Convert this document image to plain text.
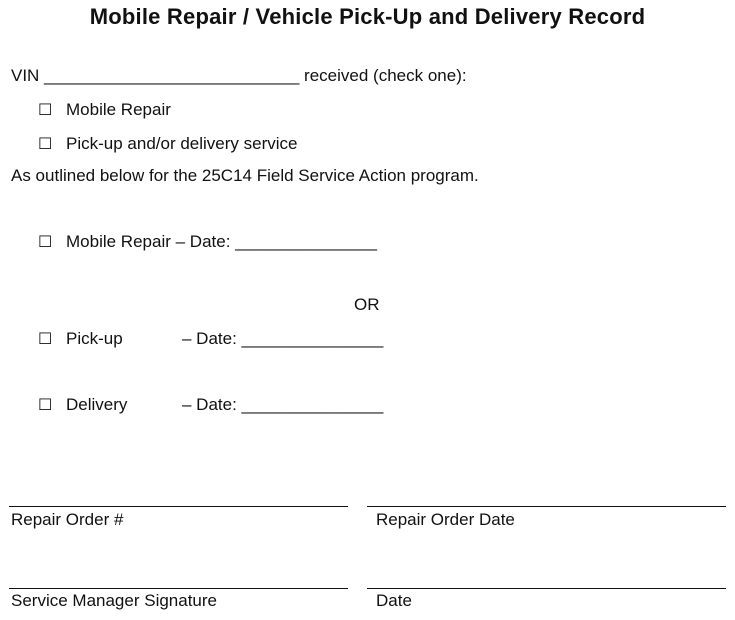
Mobile Repair / Vehicle Pick-Up and Delivery Record
VIN ___________________________ received (check one):
☐ Mobile Repair
☐ Pick-up and/or delivery service
As outlined below for the 25C14 Field Service Action program.
☐ Mobile Repair – Date: _______________
OR
☐ Pick-up	– Date: _______________
☐ Delivery	– Date: _______________
Repair Order #	Repair Order Date
Service Manager Signature	Date
